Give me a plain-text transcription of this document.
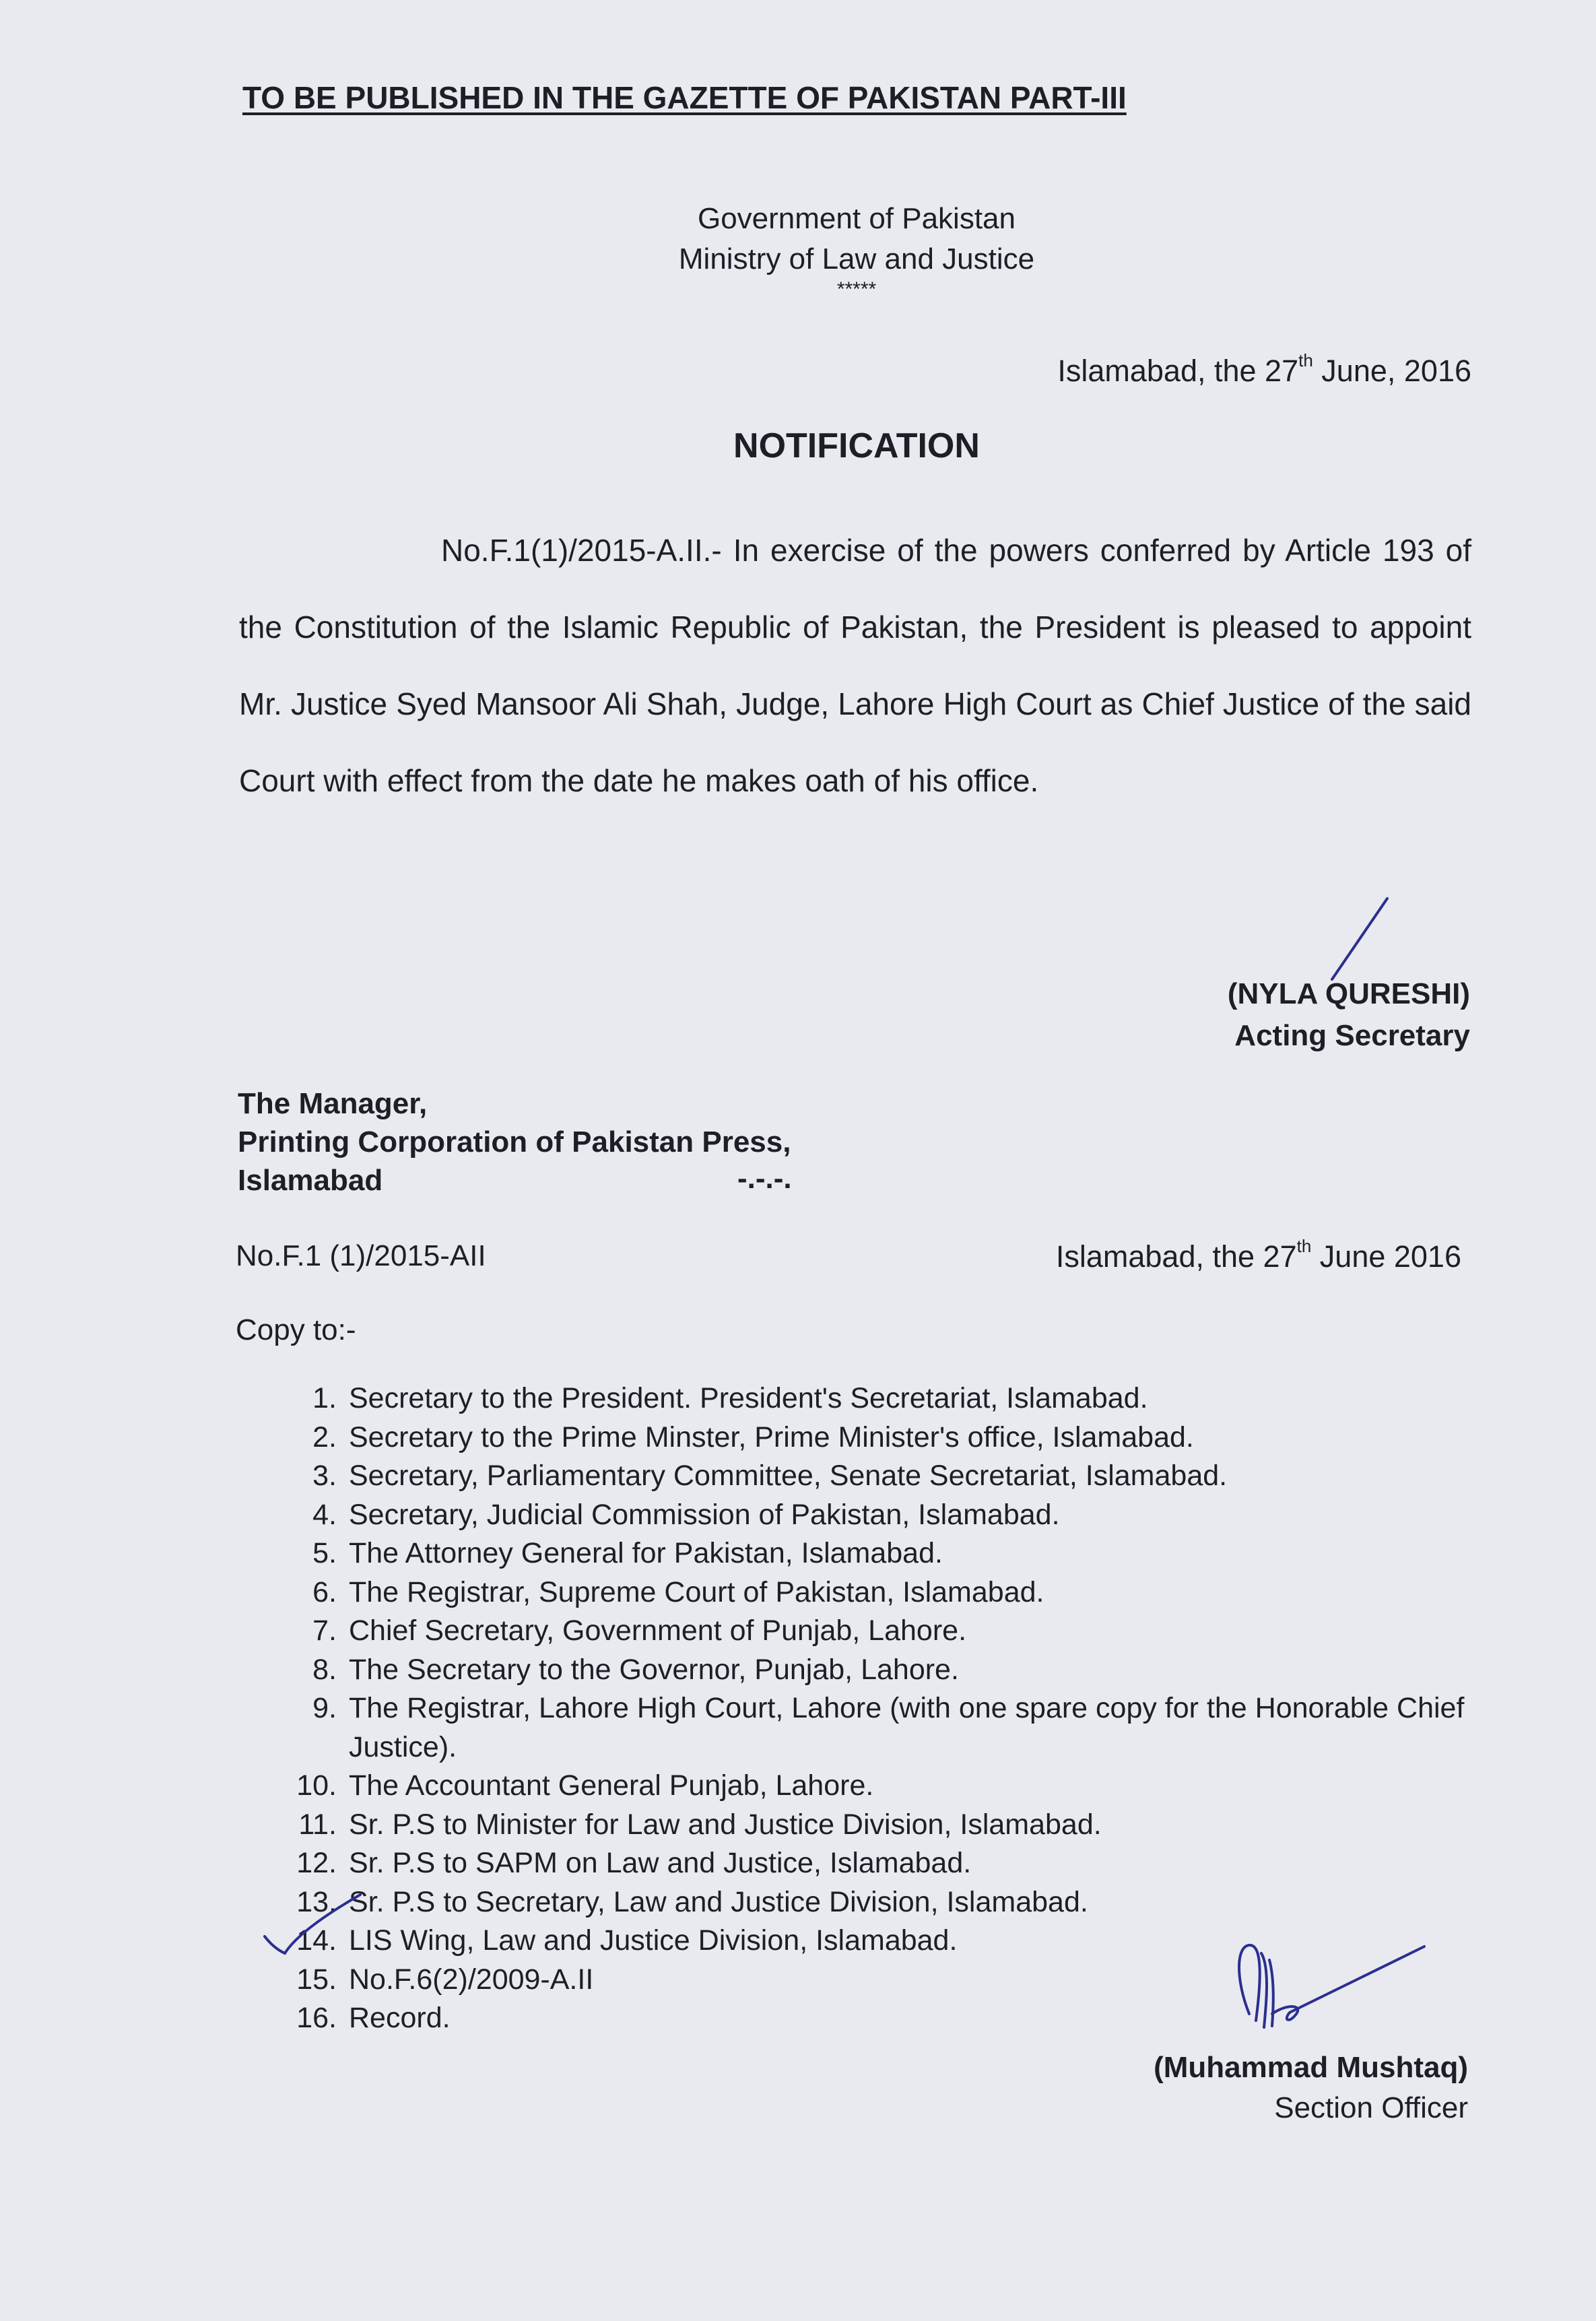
TO BE PUBLISHED IN THE GAZETTE OF PAKISTAN PART-III

Government of Pakistan
Ministry of Law and Justice
*****

Islamabad, the 27th June, 2016

NOTIFICATION

No.F.1(1)/2015-A.II.- In exercise of the powers conferred by Article 193 of the Constitution of the Islamic Republic of Pakistan, the President is pleased to appoint Mr. Justice Syed Mansoor Ali Shah, Judge, Lahore High Court as Chief Justice of the said Court with effect from the date he makes oath of his office.

(NYLA QURESHI)
Acting Secretary
The Manager,
Printing Corporation of Pakistan Press,
Islamabad	-.-.-.

No.F.1 (1)/2015-AII	Islamabad, the 27th June 2016

Copy to:-

1. Secretary to the President. President's Secretariat, Islamabad.
2. Secretary to the Prime Minster, Prime Minister's office, Islamabad.
3. Secretary, Parliamentary Committee, Senate Secretariat, Islamabad.
4. Secretary, Judicial Commission of Pakistan, Islamabad.
5. The Attorney General for Pakistan, Islamabad.
6. The Registrar, Supreme Court of Pakistan, Islamabad.
7. Chief Secretary, Government of Punjab, Lahore.
8. The Secretary to the Governor, Punjab, Lahore.
9. The Registrar, Lahore High Court, Lahore (with one spare copy for the Honorable Chief Justice).
10. The Accountant General Punjab, Lahore.
11. Sr. P.S to Minister for Law and Justice Division, Islamabad.
12. Sr. P.S to SAPM on Law and Justice, Islamabad.
13. Sr. P.S to Secretary, Law and Justice Division, Islamabad.
14. LIS Wing, Law and Justice Division, Islamabad.
15. No.F.6(2)/2009-A.II
16. Record.
(Muhammad Mushtaq)
Section Officer
